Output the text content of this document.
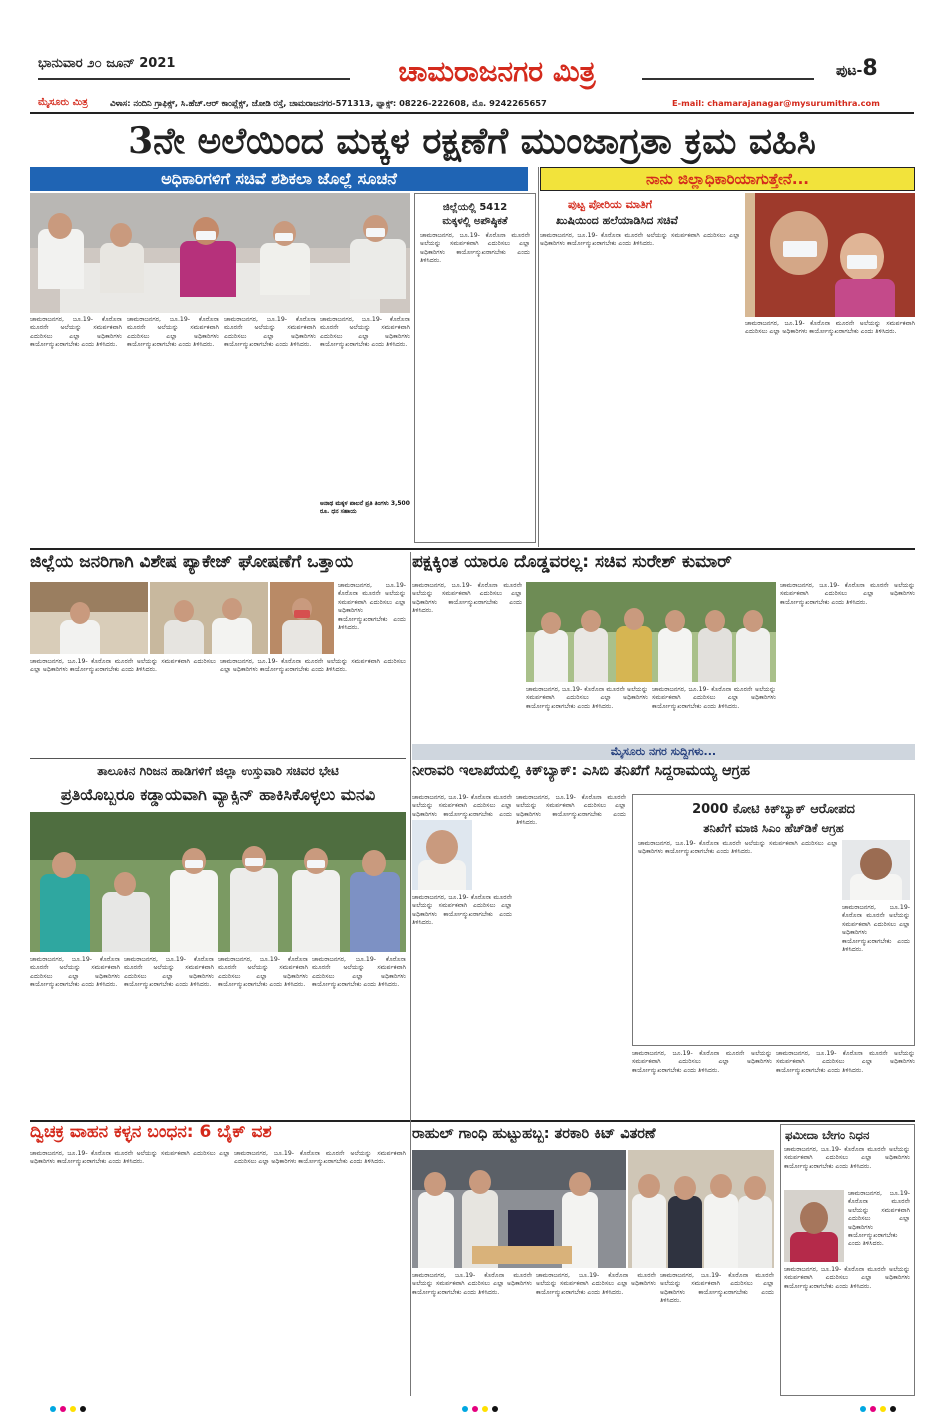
ಭಾನುವಾರ ೨೦ ಜೂನ್ 2021	ಚಾಮರಾಜನಗರ ಮಿತ್ರ	ಪುಟ-8
ಮೈಸೂರು ಮಿತ್ರ	ವಿಳಾಸ: ನಂದಿನಿ ಗ್ರಾಫಿಕ್ಸ್, ಸಿ.ಹೆಚ್.ಆರ್ ಕಾಂಪ್ಲೆಕ್ಸ್, ಜೋಡಿ ರಸ್ತೆ, ಚಾಮರಾಜನಗರ-571313, ಫ್ಯಾಕ್ಸ್: 08226-222608, ಮೊ. 9242265657	E-mail: chamarajanagar@mysurumithra.com
3ನೇ ಅಲೆಯಿಂದ ಮಕ್ಕಳ ರಕ್ಷಣೆಗೆ ಮುಂಜಾಗ್ರತಾ ಕ್ರಮ ವಹಿಸಿ
ಅಧಿಕಾರಿಗಳಿಗೆ ಸಚಿವೆ ಶಶಿಕಲಾ ಜೊಲ್ಲೆ ಸೂಚನೆ	ನಾನು ಜಿಲ್ಲಾಧಿಕಾರಿಯಾಗುತ್ತೇನೆ...
ಜಿಲ್ಲೆಯಲ್ಲಿ 5412
ಮಕ್ಕಳಲ್ಲಿ ಅಪೌಷ್ಠಿಕತೆ
ಚಾಮರಾಜನಗರ, ಜೂ.19- ಕೊರೊನಾ ಮೂರನೇ ಅಲೆಯನ್ನು ಸಮರ್ಪಕವಾಗಿ ಎದುರಿಸಲು ಎಲ್ಲಾ ಅಧಿಕಾರಿಗಳು ಕಾರ್ಯೋನ್ಮುಖರಾಗಬೇಕು ಎಂದು ತಿಳಿಸಿದರು.
ಪುಟ್ಟ ಪೋರಿಯ ಮಾತಿಗೆ
ಖುಷಿಯಿಂದ ಹಲೆಯಾಡಿಸಿದ ಸಚಿವೆ
ಚಾಮರಾಜನಗರ, ಜೂ.19- ಕೊರೊನಾ ಮೂರನೇ ಅಲೆಯನ್ನು ಸಮರ್ಪಕವಾಗಿ ಎದುರಿಸಲು ಎಲ್ಲಾ ಅಧಿಕಾರಿಗಳು ಕಾರ್ಯೋನ್ಮುಖರಾಗಬೇಕು ಎಂದು ತಿಳಿಸಿದರು.
ಚಾಮರಾಜನಗರ, ಜೂ.19- ಕೊರೊನಾ ಮೂರನೇ ಅಲೆಯನ್ನು ಸಮರ್ಪಕವಾಗಿ ಎದುರಿಸಲು ಎಲ್ಲಾ ಅಧಿಕಾರಿಗಳು ಕಾರ್ಯೋನ್ಮುಖರಾಗಬೇಕು ಎಂದು ತಿಳಿಸಿದರು.
ಚಾಮರಾಜನಗರ, ಜೂ.19- ಕೊರೊನಾ ಮೂರನೇ ಅಲೆಯನ್ನು ಸಮರ್ಪಕವಾಗಿ ಎದುರಿಸಲು ಎಲ್ಲಾ ಅಧಿಕಾರಿಗಳು ಕಾರ್ಯೋನ್ಮುಖರಾಗಬೇಕು ಎಂದು ತಿಳಿಸಿದರು.
ಚಾಮರಾಜನಗರ, ಜೂ.19- ಕೊರೊನಾ ಮೂರನೇ ಅಲೆಯನ್ನು ಸಮರ್ಪಕವಾಗಿ ಎದುರಿಸಲು ಎಲ್ಲಾ ಅಧಿಕಾರಿಗಳು ಕಾರ್ಯೋನ್ಮುಖರಾಗಬೇಕು ಎಂದು ತಿಳಿಸಿದರು.
ಅನಾಥ ಮಕ್ಕಳ ಪಾಲನೆ ಪ್ರತಿ ತಿಂಗಳು 3,500 ರೂ. ಧನ ಸಹಾಯ
ಚಾಮರಾಜನಗರ, ಜೂ.19- ಕೊರೊನಾ ಮೂರನೇ ಅಲೆಯನ್ನು ಸಮರ್ಪಕವಾಗಿ ಎದುರಿಸಲು ಎಲ್ಲಾ ಅಧಿಕಾರಿಗಳು ಕಾರ್ಯೋನ್ಮುಖರಾಗಬೇಕು ಎಂದು ತಿಳಿಸಿದರು.
ಚಾಮರಾಜನಗರ, ಜೂ.19- ಕೊರೊನಾ ಮೂರನೇ ಅಲೆಯನ್ನು ಸಮರ್ಪಕವಾಗಿ ಎದುರಿಸಲು ಎಲ್ಲಾ ಅಧಿಕಾರಿಗಳು ಕಾರ್ಯೋನ್ಮುಖರಾಗಬೇಕು ಎಂದು ತಿಳಿಸಿದರು.
ಜಿಲ್ಲೆಯ ಜನರಿಗಾಗಿ ವಿಶೇಷ ಪ್ಯಾಕೇಜ್ ಘೋಷಣೆಗೆ ಒತ್ತಾಯ	ಪಕ್ಷಕ್ಕಿಂತ ಯಾರೂ ದೊಡ್ಡವರಲ್ಲ: ಸಚಿವ ಸುರೇಶ್ ಕುಮಾರ್
ಚಾಮರಾಜನಗರ, ಜೂ.19- ಕೊರೊನಾ ಮೂರನೇ ಅಲೆಯನ್ನು ಸಮರ್ಪಕವಾಗಿ ಎದುರಿಸಲು ಎಲ್ಲಾ ಅಧಿಕಾರಿಗಳು ಕಾರ್ಯೋನ್ಮುಖರಾಗಬೇಕು ಎಂದು ತಿಳಿಸಿದರು.
ಚಾಮರಾಜನಗರ, ಜೂ.19- ಕೊರೊನಾ ಮೂರನೇ ಅಲೆಯನ್ನು ಸಮರ್ಪಕವಾಗಿ ಎದುರಿಸಲು ಎಲ್ಲಾ ಅಧಿಕಾರಿಗಳು ಕಾರ್ಯೋನ್ಮುಖರಾಗಬೇಕು ಎಂದು ತಿಳಿಸಿದರು.
ಚಾಮರಾಜನಗರ, ಜೂ.19- ಕೊರೊನಾ ಮೂರನೇ ಅಲೆಯನ್ನು ಸಮರ್ಪಕವಾಗಿ ಎದುರಿಸಲು ಎಲ್ಲಾ ಅಧಿಕಾರಿಗಳು ಕಾರ್ಯೋನ್ಮುಖರಾಗಬೇಕು ಎಂದು ತಿಳಿಸಿದರು.
ಚಾಮರಾಜನಗರ, ಜೂ.19- ಕೊರೊನಾ ಮೂರನೇ ಅಲೆಯನ್ನು ಸಮರ್ಪಕವಾಗಿ ಎದುರಿಸಲು ಎಲ್ಲಾ ಅಧಿಕಾರಿಗಳು ಕಾರ್ಯೋನ್ಮುಖರಾಗಬೇಕು ಎಂದು ತಿಳಿಸಿದರು.
ಚಾಮರಾಜನಗರ, ಜೂ.19- ಕೊರೊನಾ ಮೂರನೇ ಅಲೆಯನ್ನು ಸಮರ್ಪಕವಾಗಿ ಎದುರಿಸಲು ಎಲ್ಲಾ ಅಧಿಕಾರಿಗಳು ಕಾರ್ಯೋನ್ಮುಖರಾಗಬೇಕು ಎಂದು ತಿಳಿಸಿದರು.
ಚಾಮರಾಜನಗರ, ಜೂ.19- ಕೊರೊನಾ ಮೂರನೇ ಅಲೆಯನ್ನು ಸಮರ್ಪಕವಾಗಿ ಎದುರಿಸಲು ಎಲ್ಲಾ ಅಧಿಕಾರಿಗಳು ಕಾರ್ಯೋನ್ಮುಖರಾಗಬೇಕು ಎಂದು ತಿಳಿಸಿದರು.
ಚಾಮರಾಜನಗರ, ಜೂ.19- ಕೊರೊನಾ ಮೂರನೇ ಅಲೆಯನ್ನು ಸಮರ್ಪಕವಾಗಿ ಎದುರಿಸಲು ಎಲ್ಲಾ ಅಧಿಕಾರಿಗಳು ಕಾರ್ಯೋನ್ಮುಖರಾಗಬೇಕು ಎಂದು ತಿಳಿಸಿದರು.
ಮೈಸೂರು ನಗರ ಸುದ್ದಿಗಳು...
ನೀರಾವರಿ ಇಲಾಖೆಯಲ್ಲಿ ಕಿಕ್‌ಬ್ಯಾಕ್: ಎಸಿಬಿ ತನಿಖೆಗೆ ಸಿದ್ದರಾಮಯ್ಯ ಆಗ್ರಹ
ತಾಲೂಕಿನ ಗಿರಿಜನ ಹಾಡಿಗಳಿಗೆ ಜಿಲ್ಲಾ ಉಸ್ತುವಾರಿ ಸಚಿವರ ಭೇಟಿ
ಪ್ರತಿಯೊಬ್ಬರೂ ಕಡ್ಡಾಯವಾಗಿ ವ್ಯಾಕ್ಸಿನ್ ಹಾಕಿಸಿಕೊಳ್ಳಲು ಮನವಿ
ಚಾಮರಾಜನಗರ, ಜೂ.19- ಕೊರೊನಾ ಮೂರನೇ ಅಲೆಯನ್ನು ಸಮರ್ಪಕವಾಗಿ ಎದುರಿಸಲು ಎಲ್ಲಾ ಅಧಿಕಾರಿಗಳು ಕಾರ್ಯೋನ್ಮುಖರಾಗಬೇಕು ಎಂದು ತಿಳಿಸಿದರು.
ಚಾಮರಾಜನಗರ, ಜೂ.19- ಕೊರೊನಾ ಮೂರನೇ ಅಲೆಯನ್ನು ಸಮರ್ಪಕವಾಗಿ ಎದುರಿಸಲು ಎಲ್ಲಾ ಅಧಿಕಾರಿಗಳು ಕಾರ್ಯೋನ್ಮುಖರಾಗಬೇಕು ಎಂದು ತಿಳಿಸಿದರು.
ಚಾಮರಾಜನಗರ, ಜೂ.19- ಕೊರೊನಾ ಮೂರನೇ ಅಲೆಯನ್ನು ಸಮರ್ಪಕವಾಗಿ ಎದುರಿಸಲು ಎಲ್ಲಾ ಅಧಿಕಾರಿಗಳು ಕಾರ್ಯೋನ್ಮುಖರಾಗಬೇಕು ಎಂದು ತಿಳಿಸಿದರು.
ಚಾಮರಾಜನಗರ, ಜೂ.19- ಕೊರೊನಾ ಮೂರನೇ ಅಲೆಯನ್ನು ಸಮರ್ಪಕವಾಗಿ ಎದುರಿಸಲು ಎಲ್ಲಾ ಅಧಿಕಾರಿಗಳು ಕಾರ್ಯೋನ್ಮುಖರಾಗಬೇಕು ಎಂದು ತಿಳಿಸಿದರು.
ಚಾಮರಾಜನಗರ, ಜೂ.19- ಕೊರೊನಾ ಮೂರನೇ ಅಲೆಯನ್ನು ಸಮರ್ಪಕವಾಗಿ ಎದುರಿಸಲು ಎಲ್ಲಾ ಅಧಿಕಾರಿಗಳು ಕಾರ್ಯೋನ್ಮುಖರಾಗಬೇಕು ಎಂದು
ಚಾಮರಾಜನಗರ, ಜೂ.19- ಕೊರೊನಾ ಮೂರನೇ ಅಲೆಯನ್ನು ಸಮರ್ಪಕವಾಗಿ ಎದುರಿಸಲು ಎಲ್ಲಾ ಅಧಿಕಾರಿಗಳು ಕಾರ್ಯೋನ್ಮುಖರಾಗಬೇಕು ಎಂದು ತಿಳಿಸಿದರು.
ಚಾಮರಾಜನಗರ, ಜೂ.19- ಕೊರೊನಾ ಮೂರನೇ ಅಲೆಯನ್ನು ಸಮರ್ಪಕವಾಗಿ ಎದುರಿಸಲು ಎಲ್ಲಾ ಅಧಿಕಾರಿಗಳು ಕಾರ್ಯೋನ್ಮುಖರಾಗಬೇಕು ಎಂದು ತಿಳಿಸಿದರು.
2000 ಕೋಟಿ ಕಿಕ್‌ಬ್ಯಾಕ್ ಆರೋಪದ
ತನಿಖೆಗೆ ಮಾಜಿ ಸಿಎಂ ಹೆಚ್‌ಡಿಕೆ ಆಗ್ರಹ
ಚಾಮರಾಜನಗರ, ಜೂ.19- ಕೊರೊನಾ ಮೂರನೇ ಅಲೆಯನ್ನು ಸಮರ್ಪಕವಾಗಿ ಎದುರಿಸಲು ಎಲ್ಲಾ ಅಧಿಕಾರಿಗಳು ಕಾರ್ಯೋನ್ಮುಖರಾಗಬೇಕು ಎಂದು ತಿಳಿಸಿದರು.
ಚಾಮರಾಜನಗರ, ಜೂ.19- ಕೊರೊನಾ ಮೂರನೇ ಅಲೆಯನ್ನು ಸಮರ್ಪಕವಾಗಿ ಎದುರಿಸಲು ಎಲ್ಲಾ ಅಧಿಕಾರಿಗಳು ಕಾರ್ಯೋನ್ಮುಖರಾಗಬೇಕು ಎಂದು ತಿಳಿಸಿದರು.
ಚಾಮರಾಜನಗರ, ಜೂ.19- ಕೊರೊನಾ ಮೂರನೇ ಅಲೆಯನ್ನು ಸಮರ್ಪಕವಾಗಿ ಎದುರಿಸಲು ಎಲ್ಲಾ ಅಧಿಕಾರಿಗಳು ಕಾರ್ಯೋನ್ಮುಖರಾಗಬೇಕು ಎಂದು ತಿಳಿಸಿದರು.
ಚಾಮರಾಜನಗರ, ಜೂ.19- ಕೊರೊನಾ ಮೂರನೇ ಅಲೆಯನ್ನು ಸಮರ್ಪಕವಾಗಿ ಎದುರಿಸಲು ಎಲ್ಲಾ ಅಧಿಕಾರಿಗಳು ಕಾರ್ಯೋನ್ಮುಖರಾಗಬೇಕು ಎಂದು ತಿಳಿಸಿದರು.
ದ್ವಿಚಕ್ರ ವಾಹನ ಕಳ್ಳನ ಬಂಧನ: 6 ಬೈಕ್ ವಶ
ಚಾಮರಾಜನಗರ, ಜೂ.19- ಕೊರೊನಾ ಮೂರನೇ ಅಲೆಯನ್ನು ಸಮರ್ಪಕವಾಗಿ ಎದುರಿಸಲು ಎಲ್ಲಾ ಅಧಿಕಾರಿಗಳು ಕಾರ್ಯೋನ್ಮುಖರಾಗಬೇಕು ಎಂದು ತಿಳಿಸಿದರು.
ಚಾಮರಾಜನಗರ, ಜೂ.19- ಕೊರೊನಾ ಮೂರನೇ ಅಲೆಯನ್ನು ಸಮರ್ಪಕವಾಗಿ ಎದುರಿಸಲು ಎಲ್ಲಾ ಅಧಿಕಾರಿಗಳು ಕಾರ್ಯೋನ್ಮುಖರಾಗಬೇಕು ಎಂದು ತಿಳಿಸಿದರು.
ರಾಹುಲ್ ಗಾಂಧಿ ಹುಟ್ಟುಹಬ್ಬ: ತರಕಾರಿ ಕಿಟ್ ವಿತರಣೆ
ಚಾಮರಾಜನಗರ, ಜೂ.19- ಕೊರೊನಾ ಮೂರನೇ ಅಲೆಯನ್ನು ಸಮರ್ಪಕವಾಗಿ ಎದುರಿಸಲು ಎಲ್ಲಾ ಅಧಿಕಾರಿಗಳು ಕಾರ್ಯೋನ್ಮುಖರಾಗಬೇಕು ಎಂದು ತಿಳಿಸಿದರು.
ಚಾಮರಾಜನಗರ, ಜೂ.19- ಕೊರೊನಾ ಮೂರನೇ ಅಲೆಯನ್ನು ಸಮರ್ಪಕವಾಗಿ ಎದುರಿಸಲು ಎಲ್ಲಾ ಅಧಿಕಾರಿಗಳು ಕಾರ್ಯೋನ್ಮುಖರಾಗಬೇಕು ಎಂದು ತಿಳಿಸಿದರು.
ಚಾಮರಾಜನಗರ, ಜೂ.19- ಕೊರೊನಾ ಮೂರನೇ ಅಲೆಯನ್ನು ಸಮರ್ಪಕವಾಗಿ ಎದುರಿಸಲು ಎಲ್ಲಾ ಅಧಿಕಾರಿಗಳು ಕಾರ್ಯೋನ್ಮುಖರಾಗಬೇಕು ಎಂದು ತಿಳಿಸಿದರು.
ಫಮೀದಾ ಬೇಗಂ ನಿಧನ
ಚಾಮರಾಜನಗರ, ಜೂ.19- ಕೊರೊನಾ ಮೂರನೇ ಅಲೆಯನ್ನು ಸಮರ್ಪಕವಾಗಿ ಎದುರಿಸಲು ಎಲ್ಲಾ ಅಧಿಕಾರಿಗಳು ಕಾರ್ಯೋನ್ಮುಖರಾಗಬೇಕು ಎಂದು ತಿಳಿಸಿದರು.
ಚಾಮರಾಜನಗರ, ಜೂ.19- ಕೊರೊನಾ ಮೂರನೇ ಅಲೆಯನ್ನು ಸಮರ್ಪಕವಾಗಿ ಎದುರಿಸಲು ಎಲ್ಲಾ ಅಧಿಕಾರಿಗಳು ಕಾರ್ಯೋನ್ಮುಖರಾಗಬೇಕು ಎಂದು ತಿಳಿಸಿದರು.
ಚಾಮರಾಜನಗರ, ಜೂ.19- ಕೊರೊನಾ ಮೂರನೇ ಅಲೆಯನ್ನು ಸಮರ್ಪಕವಾಗಿ ಎದುರಿಸಲು ಎಲ್ಲಾ ಅಧಿಕಾರಿಗಳು ಕಾರ್ಯೋನ್ಮುಖರಾಗಬೇಕು ಎಂದು ತಿಳಿಸಿದರು.
